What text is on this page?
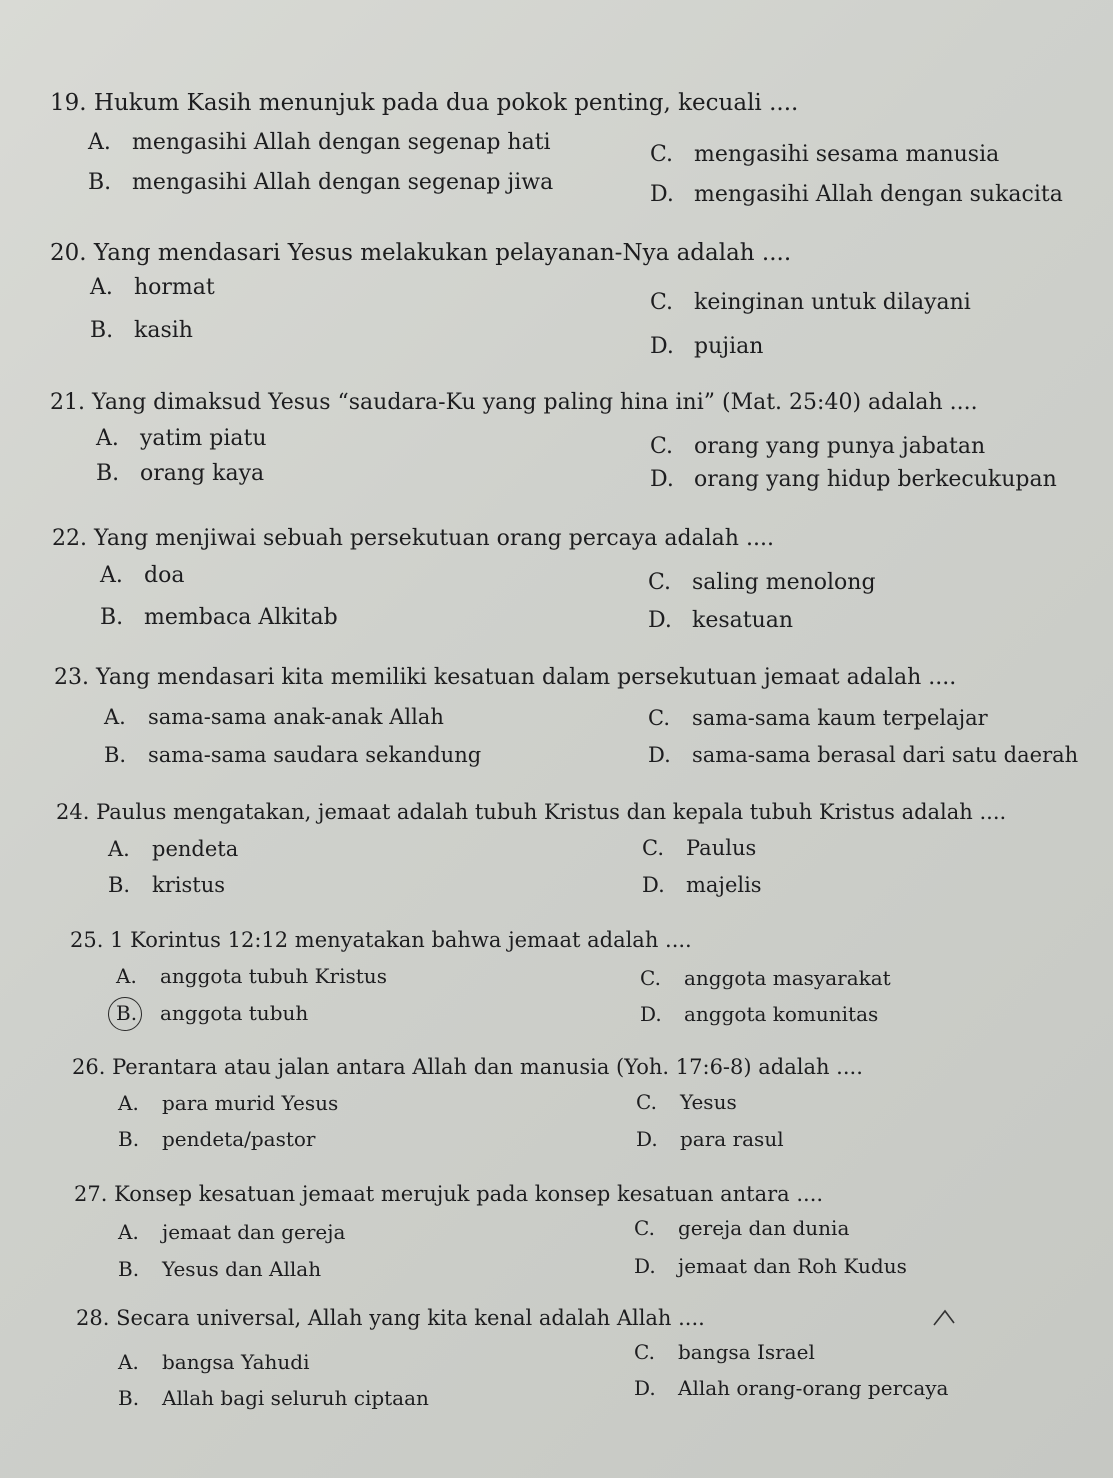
19. Hukum Kasih menunjuk pada dua pokok penting, kecuali ....
A. mengasihi Allah dengan segenap hati
B. mengasihi Allah dengan segenap jiwa
C. mengasihi sesama manusia
D. mengasihi Allah dengan sukacita
20. Yang mendasari Yesus melakukan pelayanan-Nya adalah ....
A. hormat
B. kasih
C. keinginan untuk dilayani
D. pujian
21. Yang dimaksud Yesus “saudara-Ku yang paling hina ini” (Mat. 25:40) adalah ....
A. yatim piatu
B. orang kaya
C. orang yang punya jabatan
D. orang yang hidup berkecukupan
22. Yang menjiwai sebuah persekutuan orang percaya adalah ....
A. doa
B. membaca Alkitab
C. saling menolong
D. kesatuan
23. Yang mendasari kita memiliki kesatuan dalam persekutuan jemaat adalah ....
A. sama-sama anak-anak Allah
B. sama-sama saudara sekandung
C. sama-sama kaum terpelajar
D. sama-sama berasal dari satu daerah
24. Paulus mengatakan, jemaat adalah tubuh Kristus dan kepala tubuh Kristus adalah ....
A. pendeta
B. kristus
C. Paulus
D. majelis
25. 1 Korintus 12:12 menyatakan bahwa jemaat adalah ....
A. anggota tubuh Kristus
B. anggota tubuh
C. anggota masyarakat
D. anggota komunitas
26. Perantara atau jalan antara Allah dan manusia (Yoh. 17:6-8) adalah ....
A. para murid Yesus
B. pendeta/pastor
C. Yesus
D. para rasul
27. Konsep kesatuan jemaat merujuk pada konsep kesatuan antara ....
A. jemaat dan gereja
B. Yesus dan Allah
C. gereja dan dunia
D. jemaat dan Roh Kudus
28. Secara universal, Allah yang kita kenal adalah Allah ....
A. bangsa Yahudi
B. Allah bagi seluruh ciptaan
C. bangsa Israel
D. Allah orang-orang percaya
